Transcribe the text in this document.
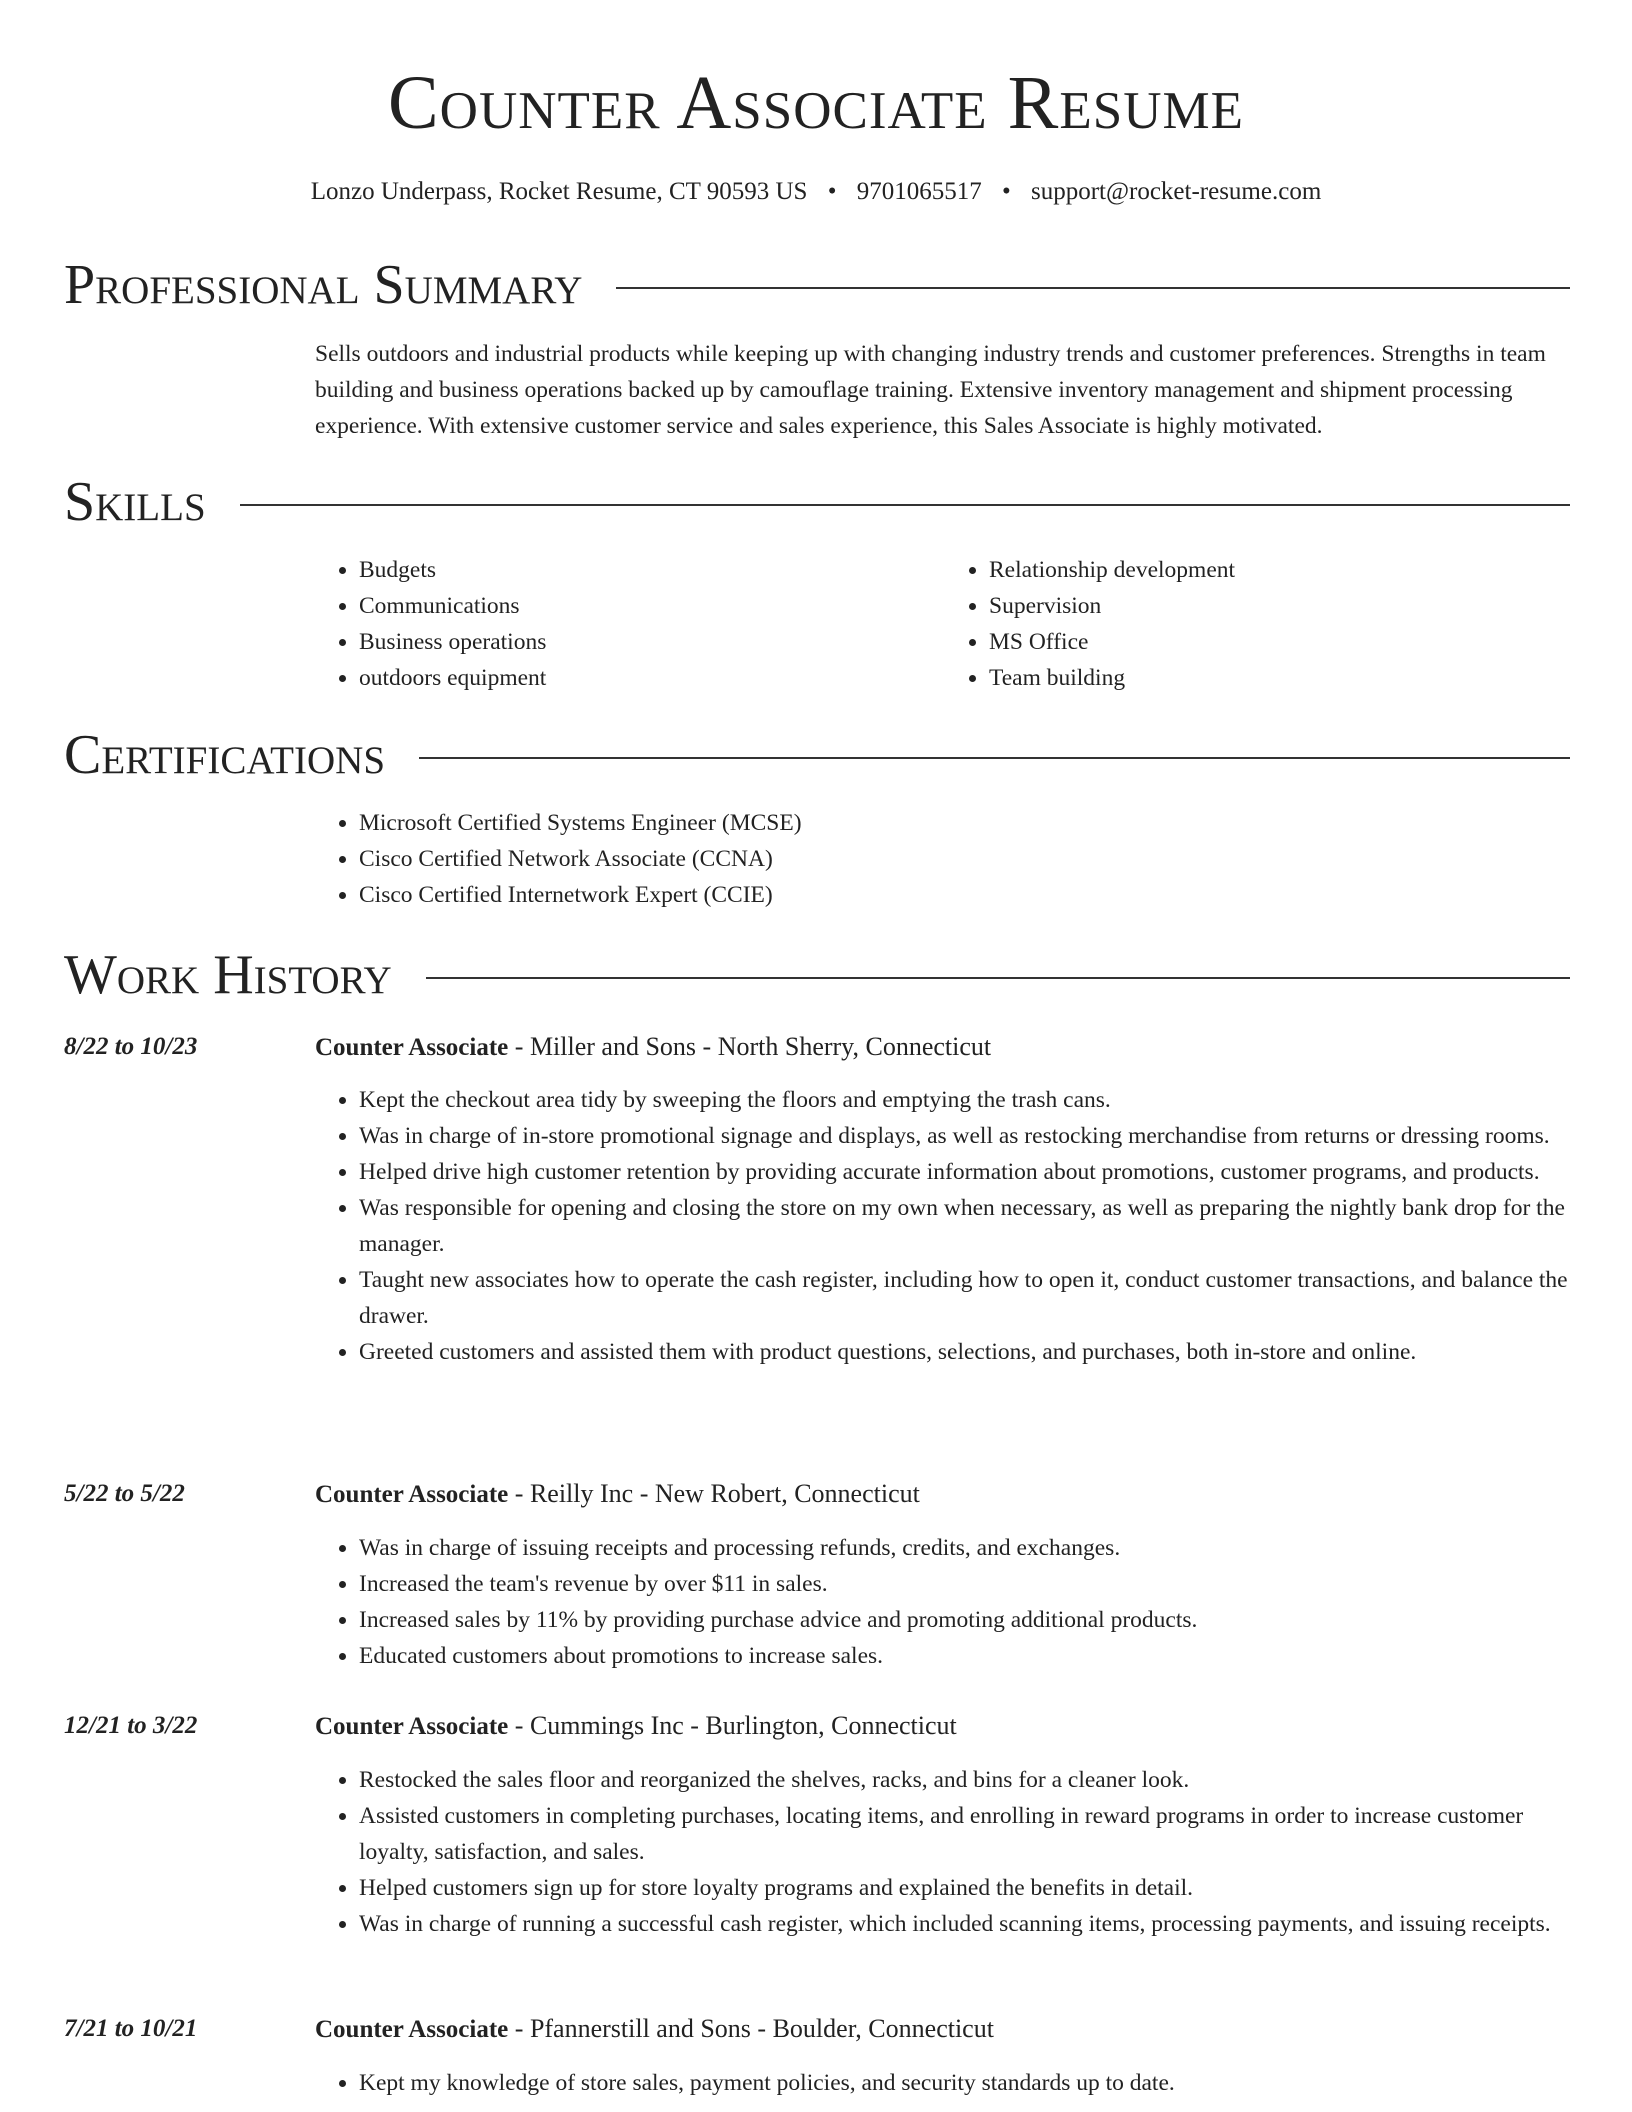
Counter Associate Resume
Lonzo Underpass, Rocket Resume, CT 90593 US • 9701065517 • support@rocket-resume.com
Professional Summary
Sells outdoors and industrial products while keeping up with changing industry trends and customer preferences. Strengths in team building and business operations backed up by camouflage training. Extensive inventory management and shipment processing experience. With extensive customer service and sales experience, this Sales Associate is highly motivated.
Skills
• Budgets
• Communications
• Business operations
• outdoors equipment
• Relationship development
• Supervision
• MS Office
• Team building
Certifications
• Microsoft Certified Systems Engineer (MCSE)
• Cisco Certified Network Associate (CCNA)
• Cisco Certified Internetwork Expert (CCIE)
Work History
8/22 to 10/23	Counter Associate - Miller and Sons - North Sherry, Connecticut
• Kept the checkout area tidy by sweeping the floors and emptying the trash cans.
• Was in charge of in-store promotional signage and displays, as well as restocking merchandise from returns or dressing rooms.
• Helped drive high customer retention by providing accurate information about promotions, customer programs, and products.
• Was responsible for opening and closing the store on my own when necessary, as well as preparing the nightly bank drop for the manager.
• Taught new associates how to operate the cash register, including how to open it, conduct customer transactions, and balance the drawer.
• Greeted customers and assisted them with product questions, selections, and purchases, both in-store and online.
5/22 to 5/22	Counter Associate - Reilly Inc - New Robert, Connecticut
• Was in charge of issuing receipts and processing refunds, credits, and exchanges.
• Increased the team's revenue by over $11 in sales.
• Increased sales by 11% by providing purchase advice and promoting additional products.
• Educated customers about promotions to increase sales.
12/21 to 3/22	Counter Associate - Cummings Inc - Burlington, Connecticut
• Restocked the sales floor and reorganized the shelves, racks, and bins for a cleaner look.
• Assisted customers in completing purchases, locating items, and enrolling in reward programs in order to increase customer loyalty, satisfaction, and sales.
• Helped customers sign up for store loyalty programs and explained the benefits in detail.
• Was in charge of running a successful cash register, which included scanning items, processing payments, and issuing receipts.
7/21 to 10/21	Counter Associate - Pfannerstill and Sons - Boulder, Connecticut
• Kept my knowledge of store sales, payment policies, and security standards up to date.
